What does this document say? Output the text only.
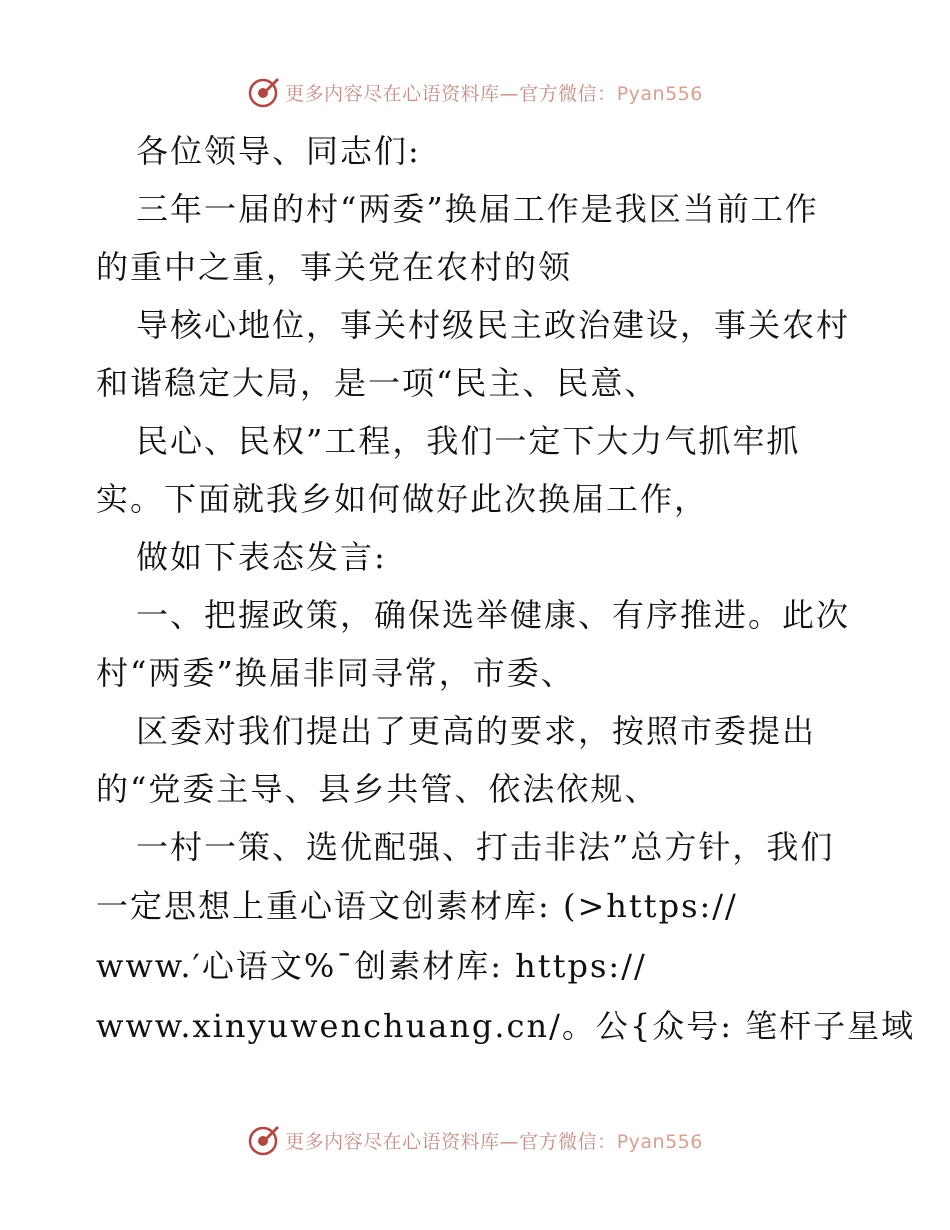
更多内容尽在心语资料库—官方微信：Pyan556
各位领导、同志们:
三年一届的村“两委”换届工作是我区当前工作
的重中之重，事关党在农村的领
导核心地位，事关村级民主政治建设，事关农村
和谐稳定大局，是一项“民主、民意、
民心、民权”工程，我们一定下大力气抓牢抓
实。下面就我乡如何做好此次换届工作，
做如下表态发言:
一、把握政策，确保选举健康、有序推进。此次
村“两委”换届非同寻常，市委、
区委对我们提出了更高的要求，按照市委提出
的“党委主导、县乡共管、依法依规、
一村一策、选优配强、打击非法”总方针，我们
一定思想上重心语文创素材库: (>https://
www.′心语文%¯创素材库: https://
www.xinyuwenchuang.cn/。公{众号: 笔杆子星域
更多内容尽在心语资料库—官方微信：Pyan556
